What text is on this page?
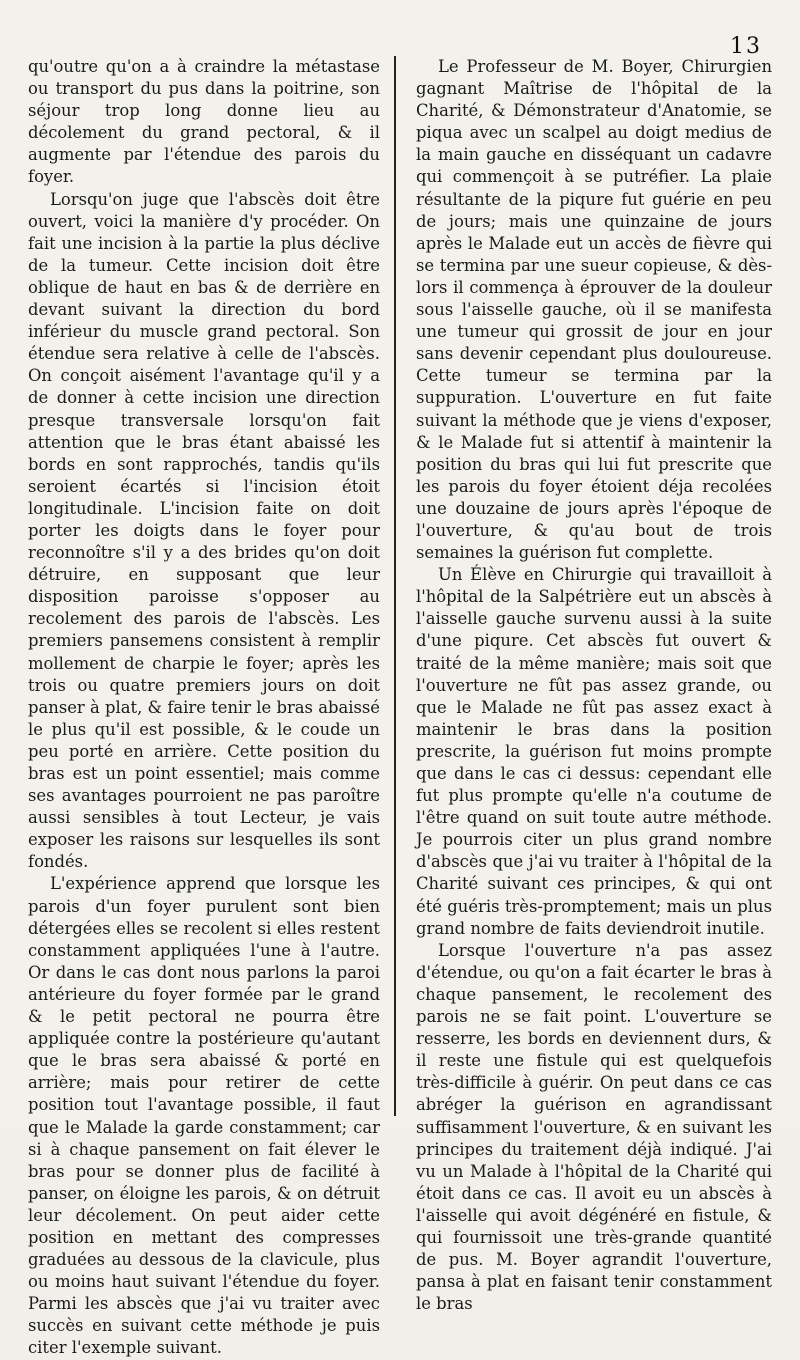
13

qu'outre qu'on a à craindre la métastase ou transport du pus dans la poitrine, son séjour trop long donne lieu au décolement du grand pectoral, & il augmente par l'étendue des parois du foyer.

Lorsqu'on juge que l'abscès doit être ouvert, voici la manière d'y procéder. On fait une incision à la partie la plus déclive de la tumeur. Cette incision doit être oblique de haut en bas & de derrière en devant suivant la direction du bord inférieur du muscle grand pectoral. Son étendue sera relative à celle de l'abscès. On conçoit aisément l'avantage qu'il y a de donner à cette incision une direction presque transversale lorsqu'on fait attention que le bras étant abaissé les bords en sont rapprochés, tandis qu'ils seroient écartés si l'incision étoit longitudinale. L'incision faite on doit porter les doigts dans le foyer pour reconnoître s'il y a des brides qu'on doit détruire, en supposant que leur disposition paroisse s'opposer au recolement des parois de l'abscès. Les premiers pansemens consistent à remplir mollement de charpie le foyer; après les trois ou quatre premiers jours on doit panser à plat, & faire tenir le bras abaissé le plus qu'il est possible, & le coude un peu porté en arrière. Cette position du bras est un point essentiel; mais comme ses avantages pourroient ne pas paroître aussi sensibles à tout Lecteur, je vais exposer les raisons sur lesquelles ils sont fondés.

L'expérience apprend que lorsque les parois d'un foyer purulent sont bien détergées elles se recolent si elles restent constamment appliquées l'une à l'autre. Or dans le cas dont nous parlons la paroi antérieure du foyer formée par le grand & le petit pectoral ne pourra être appliquée contre la postérieure qu'autant que le bras sera abaissé & porté en arrière; mais pour retirer de cette position tout l'avantage possible, il faut que le Malade la garde constamment; car si à chaque pansement on fait élever le bras pour se donner plus de facilité à panser, on éloigne les parois, & on détruit leur décolement. On peut aider cette position en mettant des compresses graduées au dessous de la clavicule, plus ou moins haut suivant l'étendue du foyer. Parmi les abscès que j'ai vu traiter avec succès en suivant cette méthode je puis citer l'exemple suivant.

Le Professeur de M. Boyer, Chirurgien gagnant Maîtrise de l'hôpital de la Charité, & Démonstrateur d'Anatomie, se piqua avec un scalpel au doigt medius de la main gauche en disséquant un cadavre qui commençoit à se putréfier. La plaie résultante de la piqure fut guérie en peu de jours; mais une quinzaine de jours après le Malade eut un accès de fièvre qui se termina par une sueur copieuse, & dès-lors il commença à éprouver de la douleur sous l'aisselle gauche, où il se manifesta une tumeur qui grossit de jour en jour sans devenir cependant plus douloureuse. Cette tumeur se termina par la suppuration. L'ouverture en fut faite suivant la méthode que je viens d'exposer, & le Malade fut si attentif à maintenir la position du bras qui lui fut prescrite que les parois du foyer étoient déja recolées une douzaine de jours après l'époque de l'ouverture, & qu'au bout de trois semaines la guérison fut complette.

Un Élève en Chirurgie qui travailloit à l'hôpital de la Salpétrière eut un abscès à l'aisselle gauche survenu aussi à la suite d'une piqure. Cet abscès fut ouvert & traité de la même manière; mais soit que l'ouverture ne fût pas assez grande, ou que le Malade ne fût pas assez exact à maintenir le bras dans la position prescrite, la guérison fut moins prompte que dans le cas ci dessus: cependant elle fut plus prompte qu'elle n'a coutume de l'être quand on suit toute autre méthode. Je pourrois citer un plus grand nombre d'abscès que j'ai vu traiter à l'hôpital de la Charité suivant ces principes, & qui ont été guéris très-promptement; mais un plus grand nombre de faits deviendroit inutile.

Lorsque l'ouverture n'a pas assez d'étendue, ou qu'on a fait écarter le bras à chaque pansement, le recolement des parois ne se fait point. L'ouverture se resserre, les bords en deviennent durs, & il reste une fistule qui est quelquefois très-difficile à guérir. On peut dans ce cas abréger la guérison en agrandissant suffisamment l'ouverture, & en suivant les principes du traitement déjà indiqué. J'ai vu un Malade à l'hôpital de la Charité qui étoit dans ce cas. Il avoit eu un abscès à l'aisselle qui avoit dégénéré en fistule, & qui fournissoit une très-grande quantité de pus. M. Boyer agrandit l'ouverture, pansa à plat en faisant tenir constamment le bras
